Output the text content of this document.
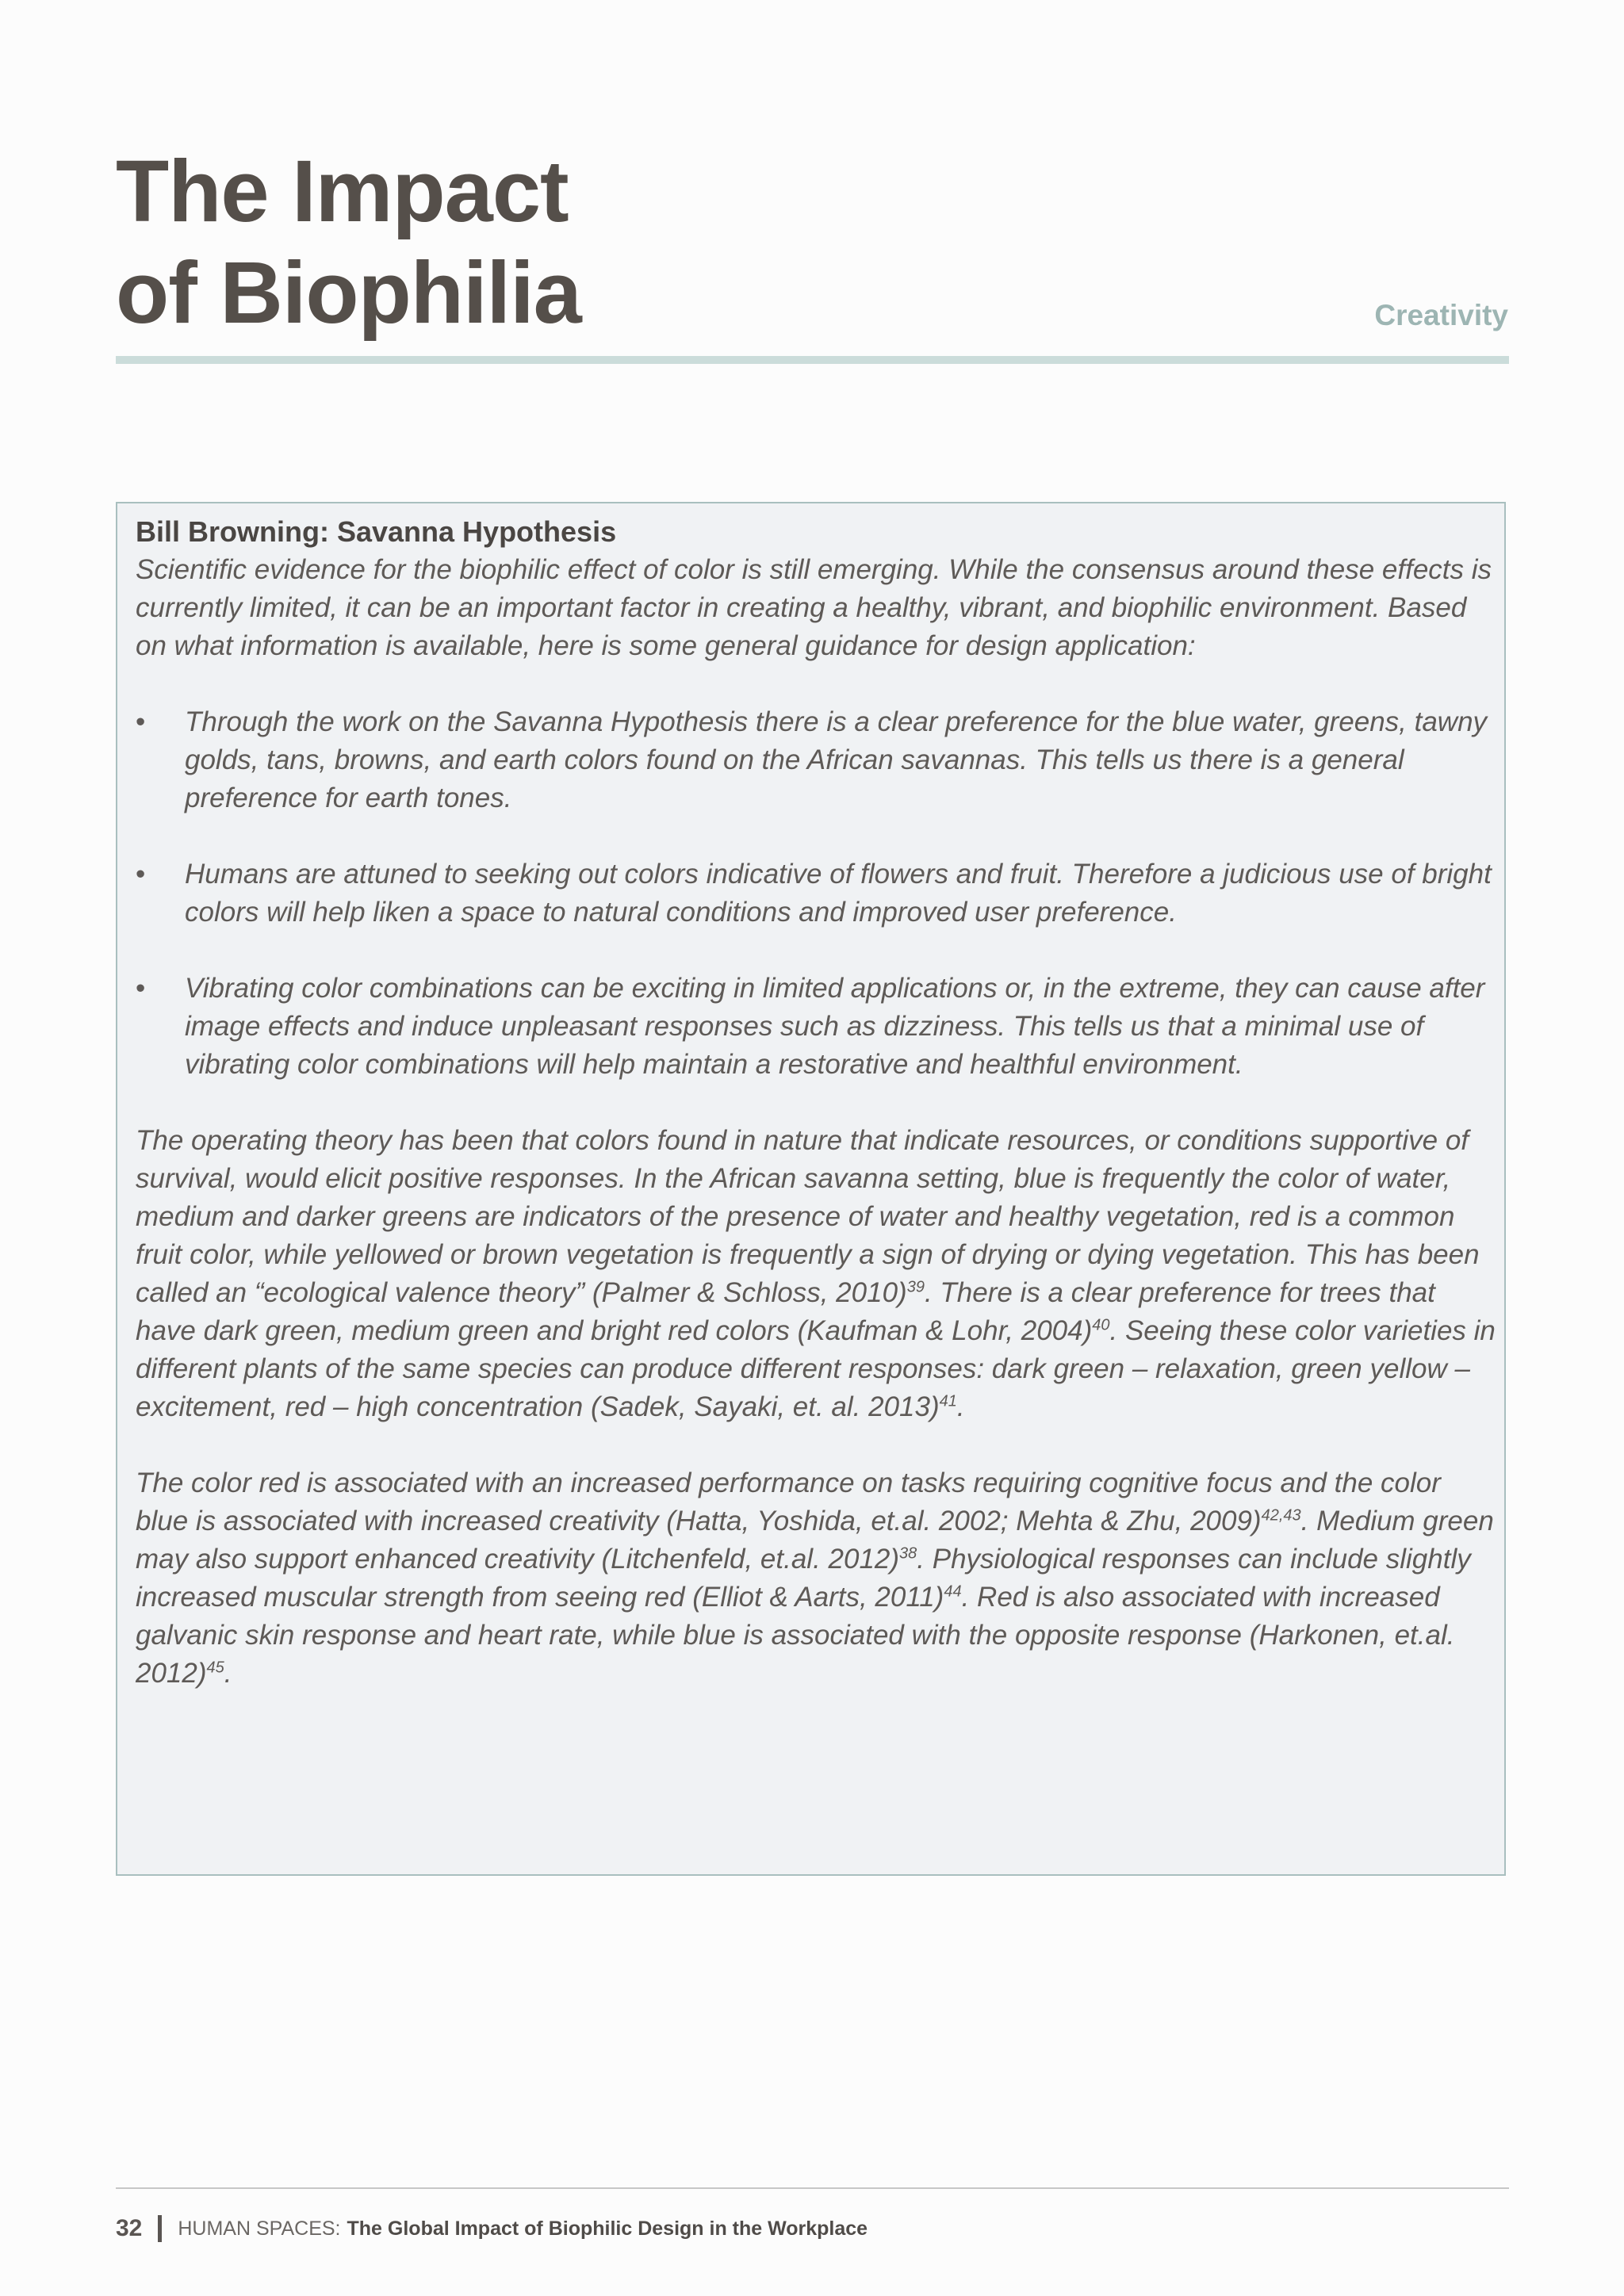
The Impact
of Biophilia	Creativity
Bill Browning: Savanna Hypothesis

Scientific evidence for the biophilic effect of color is still emerging. While the consensus around these effects is currently limited, it can be an important factor in creating a healthy, vibrant, and biophilic environment. Based on what information is available, here is some general guidance for design application:

• Through the work on the Savanna Hypothesis there is a clear preference for the blue water, greens, tawny golds, tans, browns, and earth colors found on the African savannas. This tells us there is a general preference for earth tones.
• Humans are attuned to seeking out colors indicative of flowers and fruit. Therefore a judicious use of bright colors will help liken a space to natural conditions and improved user preference.
• Vibrating color combinations can be exciting in limited applications or, in the extreme, they can cause after image effects and induce unpleasant responses such as dizziness. This tells us that a minimal use of vibrating color combinations will help maintain a restorative and healthful environment.

The operating theory has been that colors found in nature that indicate resources, or conditions supportive of survival, would elicit positive responses. In the African savanna setting, blue is frequently the color of water, medium and darker greens are indicators of the presence of water and healthy vegetation, red is a common fruit color, while yellowed or brown vegetation is frequently a sign of drying or dying vegetation. This has been called an “ecological valence theory” (Palmer & Schloss, 2010)$^{39}$. There is a clear preference for trees that have dark green, medium green and bright red colors (Kaufman & Lohr, 2004)$^{40}$. Seeing these color varieties in different plants of the same species can produce different responses: dark green – relaxation, green yellow – excitement, red – high concentration (Sadek, Sayaki, et. al. 2013)$^{41}$.

The color red is associated with an increased performance on tasks requiring cognitive focus and the color blue is associated with increased creativity (Hatta, Yoshida, et.al. 2002; Mehta & Zhu, 2009)$^{42,43}$. Medium green may also support enhanced creativity (Litchenfeld, et.al. 2012)$^{38}$. Physiological responses can include slightly increased muscular strength from seeing red (Elliot & Aarts, 2011)$^{44}$. Red is also associated with increased galvanic skin response and heart rate, while blue is associated with the opposite response (Harkonen, et.al. 2012)$^{45}$.

32 HUMAN SPACES: The Global Impact of Biophilic Design in the Workplace
